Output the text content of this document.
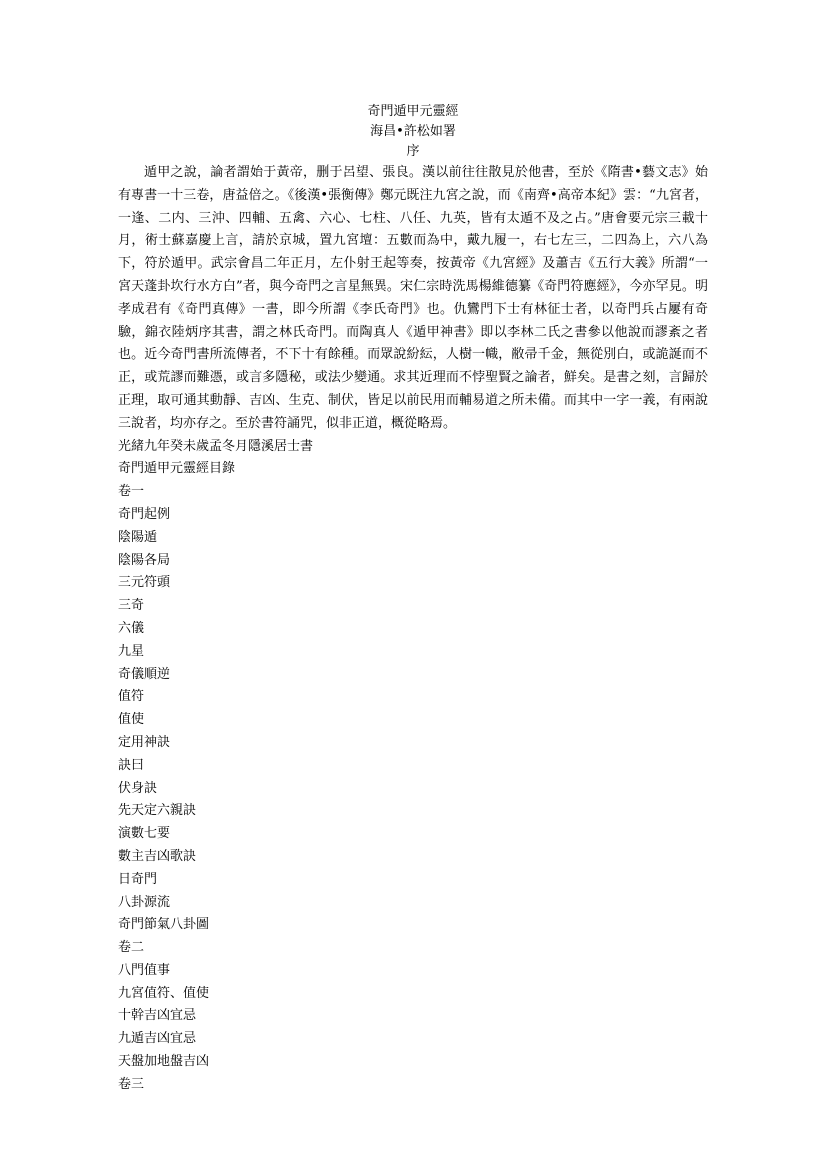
奇門遁甲元靈經
海昌•許松如署
序

遁甲之說，論者謂始于黃帝，删于呂望、張良。漢以前往往散見於他書，至於《隋書•藝文志》始有專書一十三卷，唐益倍之。《後漢•張衡傳》鄭元既注九宮之說，而《南齊•高帝本紀》雲：“九宮者，一逢、二内、三沖、四輔、五禽、六心、七柱、八任、九英，皆有太遁不及之占。”唐會要元宗三載十月，術士蘇嘉慶上言，請於京城，置九宮壇：五數而為中，戴九履一，右七左三，二四為上，六八為下，符於遁甲。武宗會昌二年正月，左仆射王起等奏，按黃帝《九宮經》及蕭吉《五行大義》所謂“一宮天蓬卦坎行水方白”者，與今奇門之言星無異。宋仁宗時洗馬楊維德纂《奇門符應經》，今亦罕見。明孝成君有《奇門真傳》一書，即今所謂《李氏奇門》也。仇鸞門下士有林征士者，以奇門兵占屢有奇驗，錦衣陸炳序其書，謂之林氏奇門。而陶真人《遁甲神書》即以李林二氏之書參以他說而謬紊之者也。近今奇門書所流傳者，不下十有餘種。而眾說紛紜，人樹一幟，敝帚千金，無從別白，或詭誕而不正，或荒謬而難憑，或言多隱秘，或法少變通。求其近理而不悖聖賢之論者，鮮矣。是書之刻，言歸於正理，取可通其動靜、吉凶、生克、制伏，皆足以前民用而輔易道之所未備。而其中一字一義，有兩說三說者，均亦存之。至於書符誦咒，似非正道，概從略焉。

光緒九年癸未歲孟冬月隱溪居士書
奇門遁甲元靈經目錄
卷一
奇門起例
陰陽遁
陰陽各局
三元符頭
三奇
六儀
九星
奇儀順逆
值符
值使
定用神訣
訣曰
伏身訣
先天定六親訣
演數七要
數主吉凶歌訣
日奇門
八卦源流
奇門節氣八卦圖
卷二
八門值事
九宮值符、值使
十幹吉凶宜忌
九遁吉凶宜忌
天盤加地盤吉凶
卷三
